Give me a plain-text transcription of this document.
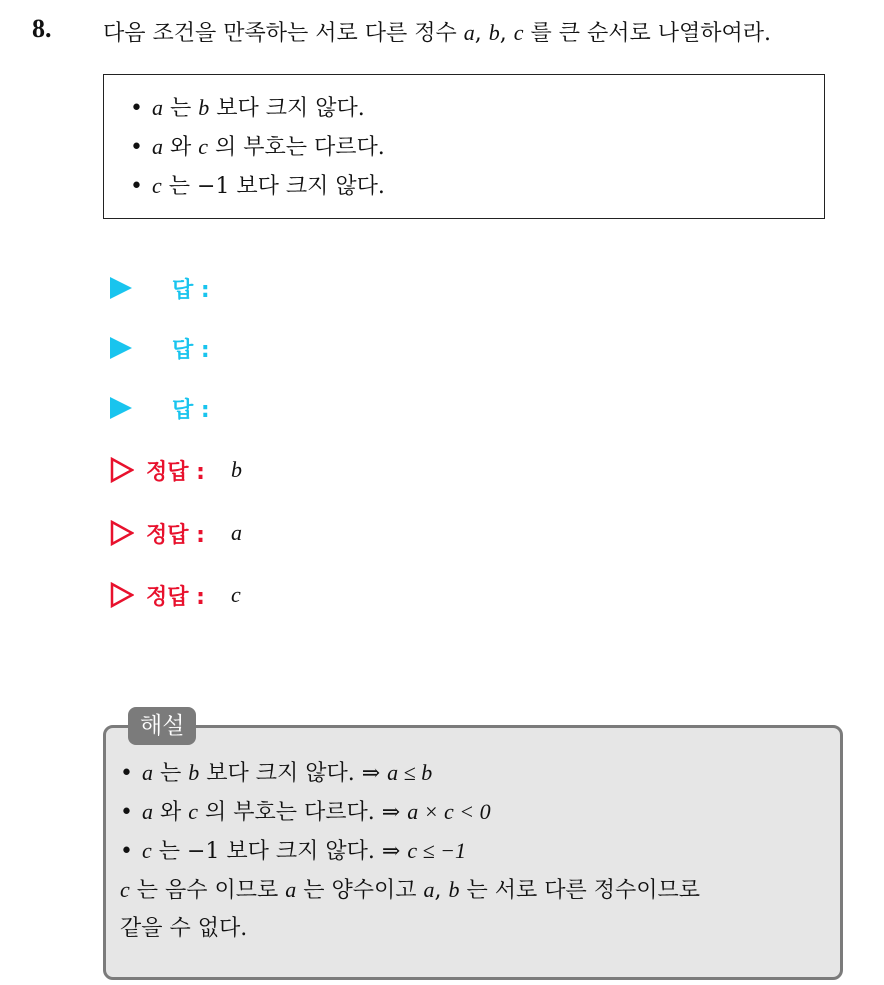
8. 다음 조건을 만족하는 서로 다른 정수 a, b, c 를 큰 순서로 나열하여라.
• a 는 b 보다 크지 않다.
• a 와 c 의 부호는 다르다.
• c 는 −1 보다 크지 않다.
답 :
답 :
답 :
정답 : b
정답 : a
정답 : c
• a 는 b 보다 크지 않다. ⇒ a ≤ b
• a 와 c 의 부호는 다르다. ⇒ a × c < 0
• c 는 −1 보다 크지 않다. ⇒ c ≤ −1
c 는 음수 이므로 a 는 양수이고 a, b 는 서로 다른 정수이므로
같을 수 없다.
해설
